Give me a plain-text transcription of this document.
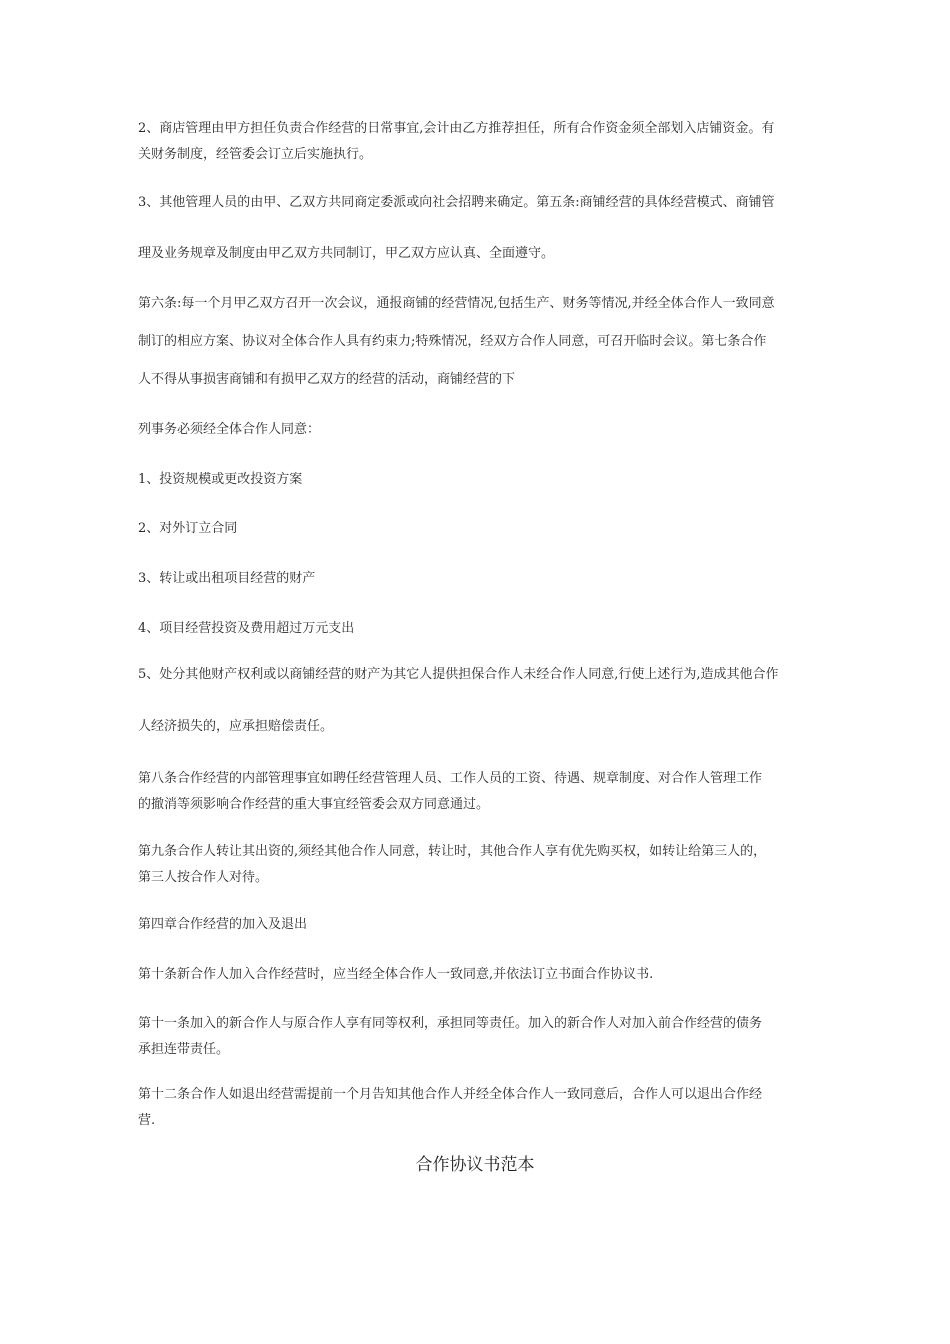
2、商店管理由甲方担任负责合作经营的日常事宜,会计由乙方推荐担任，所有合作资金须全部划入店铺资金。有
关财务制度，经管委会订立后实施执行。
3、其他管理人员的由甲、乙双方共同商定委派或向社会招聘来确定。第五条:商铺经营的具体经营模式、商铺管
理及业务规章及制度由甲乙双方共同制订，甲乙双方应认真、全面遵守。
第六条:每一个月甲乙双方召开一次会议，通报商铺的经营情况,包括生产、财务等情况,并经全体合作人一致同意
制订的相应方案、协议对全体合作人具有约束力;特殊情况，经双方合作人同意，可召开临时会议。第七条合作
人不得从事损害商铺和有损甲乙双方的经营的活动，商铺经营的下
列事务必须经全体合作人同意：
1、投资规模或更改投资方案
2、对外订立合同
3、转让或出租项目经营的财产
4、项目经营投资及费用超过万元支出
5、处分其他财产权利或以商铺经营的财产为其它人提供担保合作人未经合作人同意,行使上述行为,造成其他合作
人经济损失的，应承担赔偿责任。
第八条合作经营的内部管理事宜如聘任经营管理人员、工作人员的工资、待遇、规章制度、对合作人管理工作
的撤消等须影响合作经营的重大事宜经管委会双方同意通过。
第九条合作人转让其出资的,须经其他合作人同意，转让时，其他合作人享有优先购买权，如转让给第三人的，
第三人按合作人对待。
第四章合作经营的加入及退出
第十条新合作人加入合作经营时，应当经全体合作人一致同意,并依法订立书面合作协议书.
第十一条加入的新合作人与原合作人享有同等权利，承担同等责任。加入的新合作人对加入前合作经营的债务
承担连带责任。
第十二条合作人如退出经营需提前一个月告知其他合作人并经全体合作人一致同意后，合作人可以退出合作经
营.
合作协议书范本
